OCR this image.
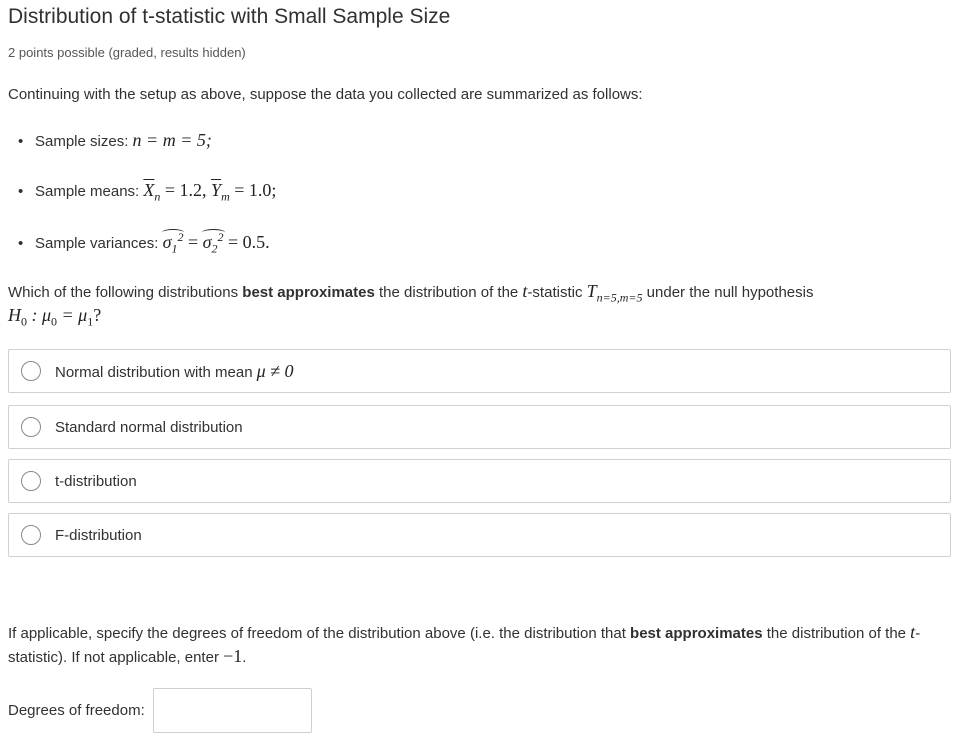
Distribution of t-statistic with Small Sample Size
2 points possible (graded, results hidden)
Continuing with the setup as above, suppose the data you collected are summarized as follows:
• Sample sizes:
n = m = 5;
• Sample means:
$\overline{X}_n = 1.2$, $\overline{Y}_m = 1.0$;
• Sample variances:
$\sigma_1^2 = \sigma_2^2 = 0.5$.
Which of the following distributions best approximates the distribution of the t-statistic $T_{n=5,m=5}$ under the null hypothesis
$H_0$ : $\mu_0 = \mu_1$?
Normal distribution with mean μ ≠ 0
Standard normal distribution
t-distribution
F-distribution
If applicable, specify the degrees of freedom of the distribution above (i.e. the distribution that best approximates the distribution of the t-statistic). If not applicable, enter −1.
Degrees of freedom:
